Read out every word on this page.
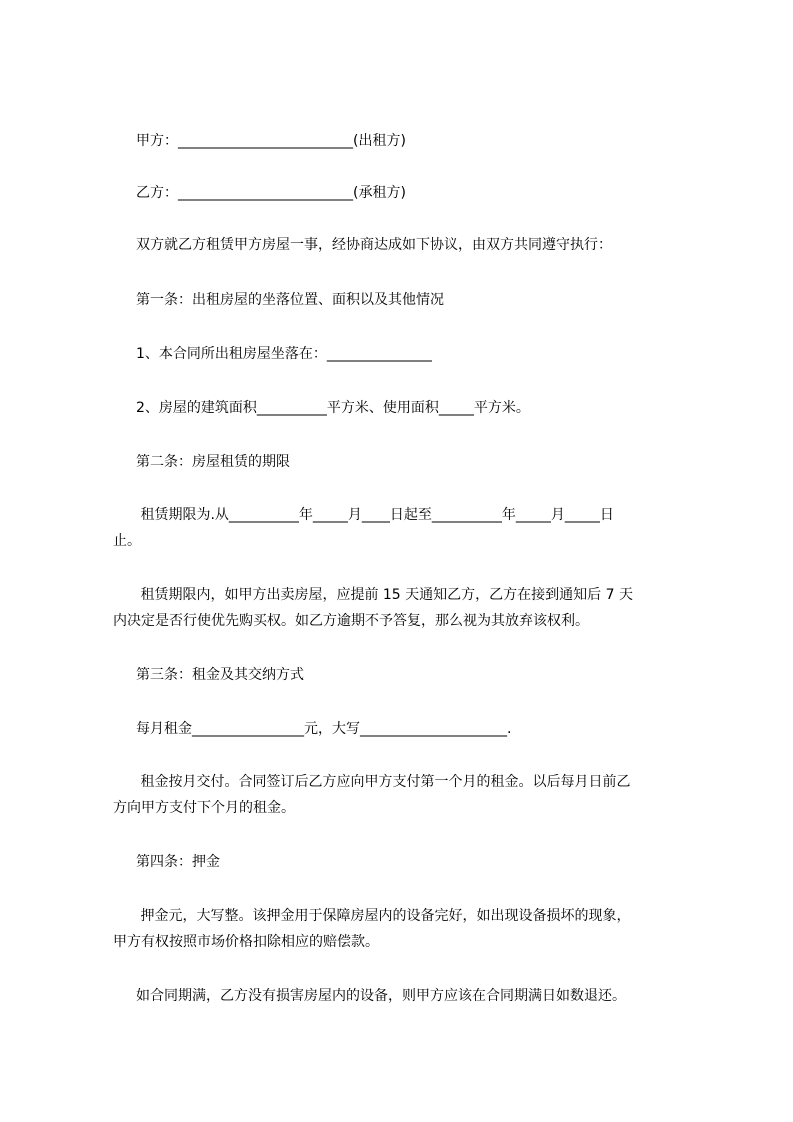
甲方：_________________________(出租方)
乙方：_________________________(承租方)
双方就乙方租赁甲方房屋一事，经协商达成如下协议，由双方共同遵守执行：
第一条：出租房屋的坐落位置、面积以及其他情况
1、本合同所出租房屋坐落在：_______________
2、房屋的建筑面积__________平方米、使用面积_____平方米。
第二条：房屋租赁的期限
租赁期限为.从__________年_____月____日起至__________年_____月_____日
止。
租赁期限内，如甲方出卖房屋，应提前 15 天通知乙方，乙方在接到通知后 7 天
内决定是否行使优先购买权。如乙方逾期不予答复，那么视为其放弃该权利。
第三条：租金及其交纳方式
每月租金________________元，大写_____________________.
租金按月交付。合同签订后乙方应向甲方支付第一个月的租金。以后每月日前乙
方向甲方支付下个月的租金。
第四条：押金
押金元，大写整。该押金用于保障房屋内的设备完好，如出现设备损坏的现象，
甲方有权按照市场价格扣除相应的赔偿款。
如合同期满，乙方没有损害房屋内的设备，则甲方应该在合同期满日如数退还。
